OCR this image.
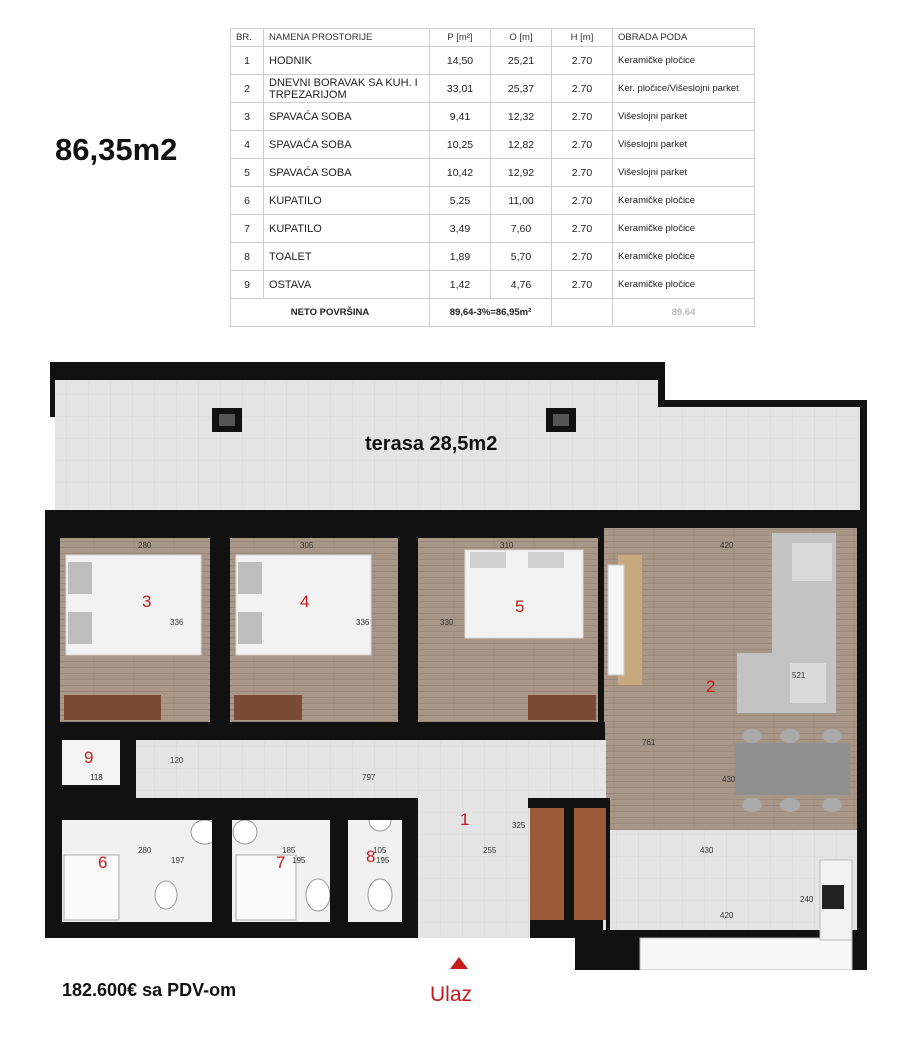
86,35m2
BR.	NAMENA PROSTORIJE	P [m²]	O [m]	H [m]	OBRADA PODA
1	HODNIK	14,50	25,21	2.70	Keramičke pločice
2	DNEVNI BORAVAK SA KUH. I TRPEZARIJOM	33,01	25,37	2.70	Ker. pločice/Višeslojni parket
3	SPAVAĆA SOBA	9,41	12,32	2.70	Višeslojni parket
4	SPAVAĆA SOBA	10,25	12,82	2.70	Višeslojni parket
5	SPAVAĆA SOBA	10,42	12,92	2.70	Višeslojni parket
6	KUPATILO	5,25	11,00	2.70	Keramičke pločice
7	KUPATILO	3,49	7,60	2.70	Keramičke pločice
8	TOALET	1,89	5,70	2.70	Keramičke pločice
9	OSTAVA	1,42	4,76	2.70	Keramičke pločice
NETO POVRŠINA		89,64-3%=86,95m²			89,64
terasa 28,5m2
280
336
305
336
310
330
420
521
761
430
430
420
240
797
120
118
280
197
185
195
105
195
255
325
1
2
3	4	5
6	7	8
9
Ulaz
182.600€ sa PDV-om
